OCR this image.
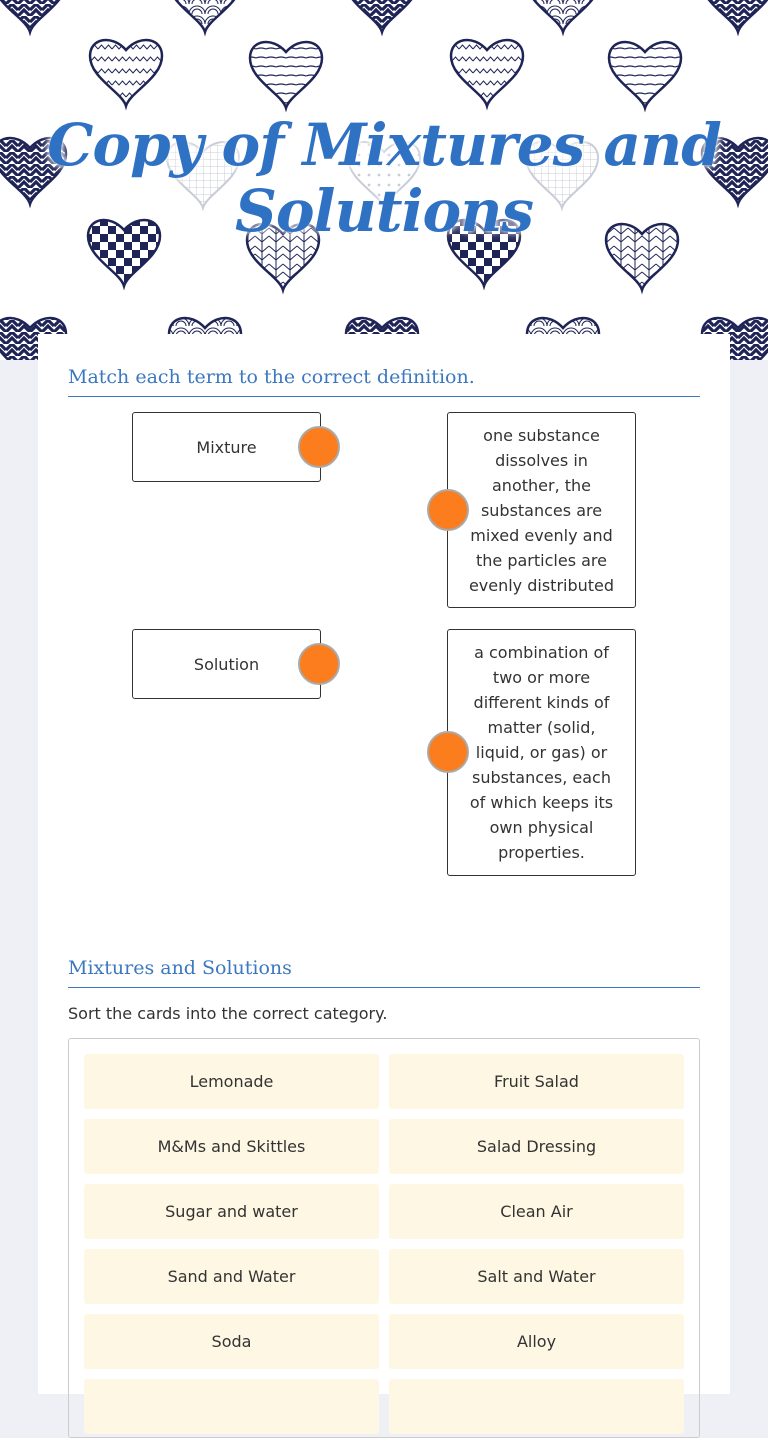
Copy of Mixtures and Solutions
Match each term to the correct definition.
Mixture
one substance dissolves in another, the substances are mixed evenly and the particles are evenly distributed
Solution
a combination of two or more different kinds of matter (solid, liquid, or gas) or substances, each of which keeps its own physical properties.
Mixtures and Solutions
Sort the cards into the correct category.
Lemonade	Fruit Salad
M&Ms and Skittles	Salad Dressing
Sugar and water	Clean Air
Sand and Water	Salt and Water
Soda	Alloy
